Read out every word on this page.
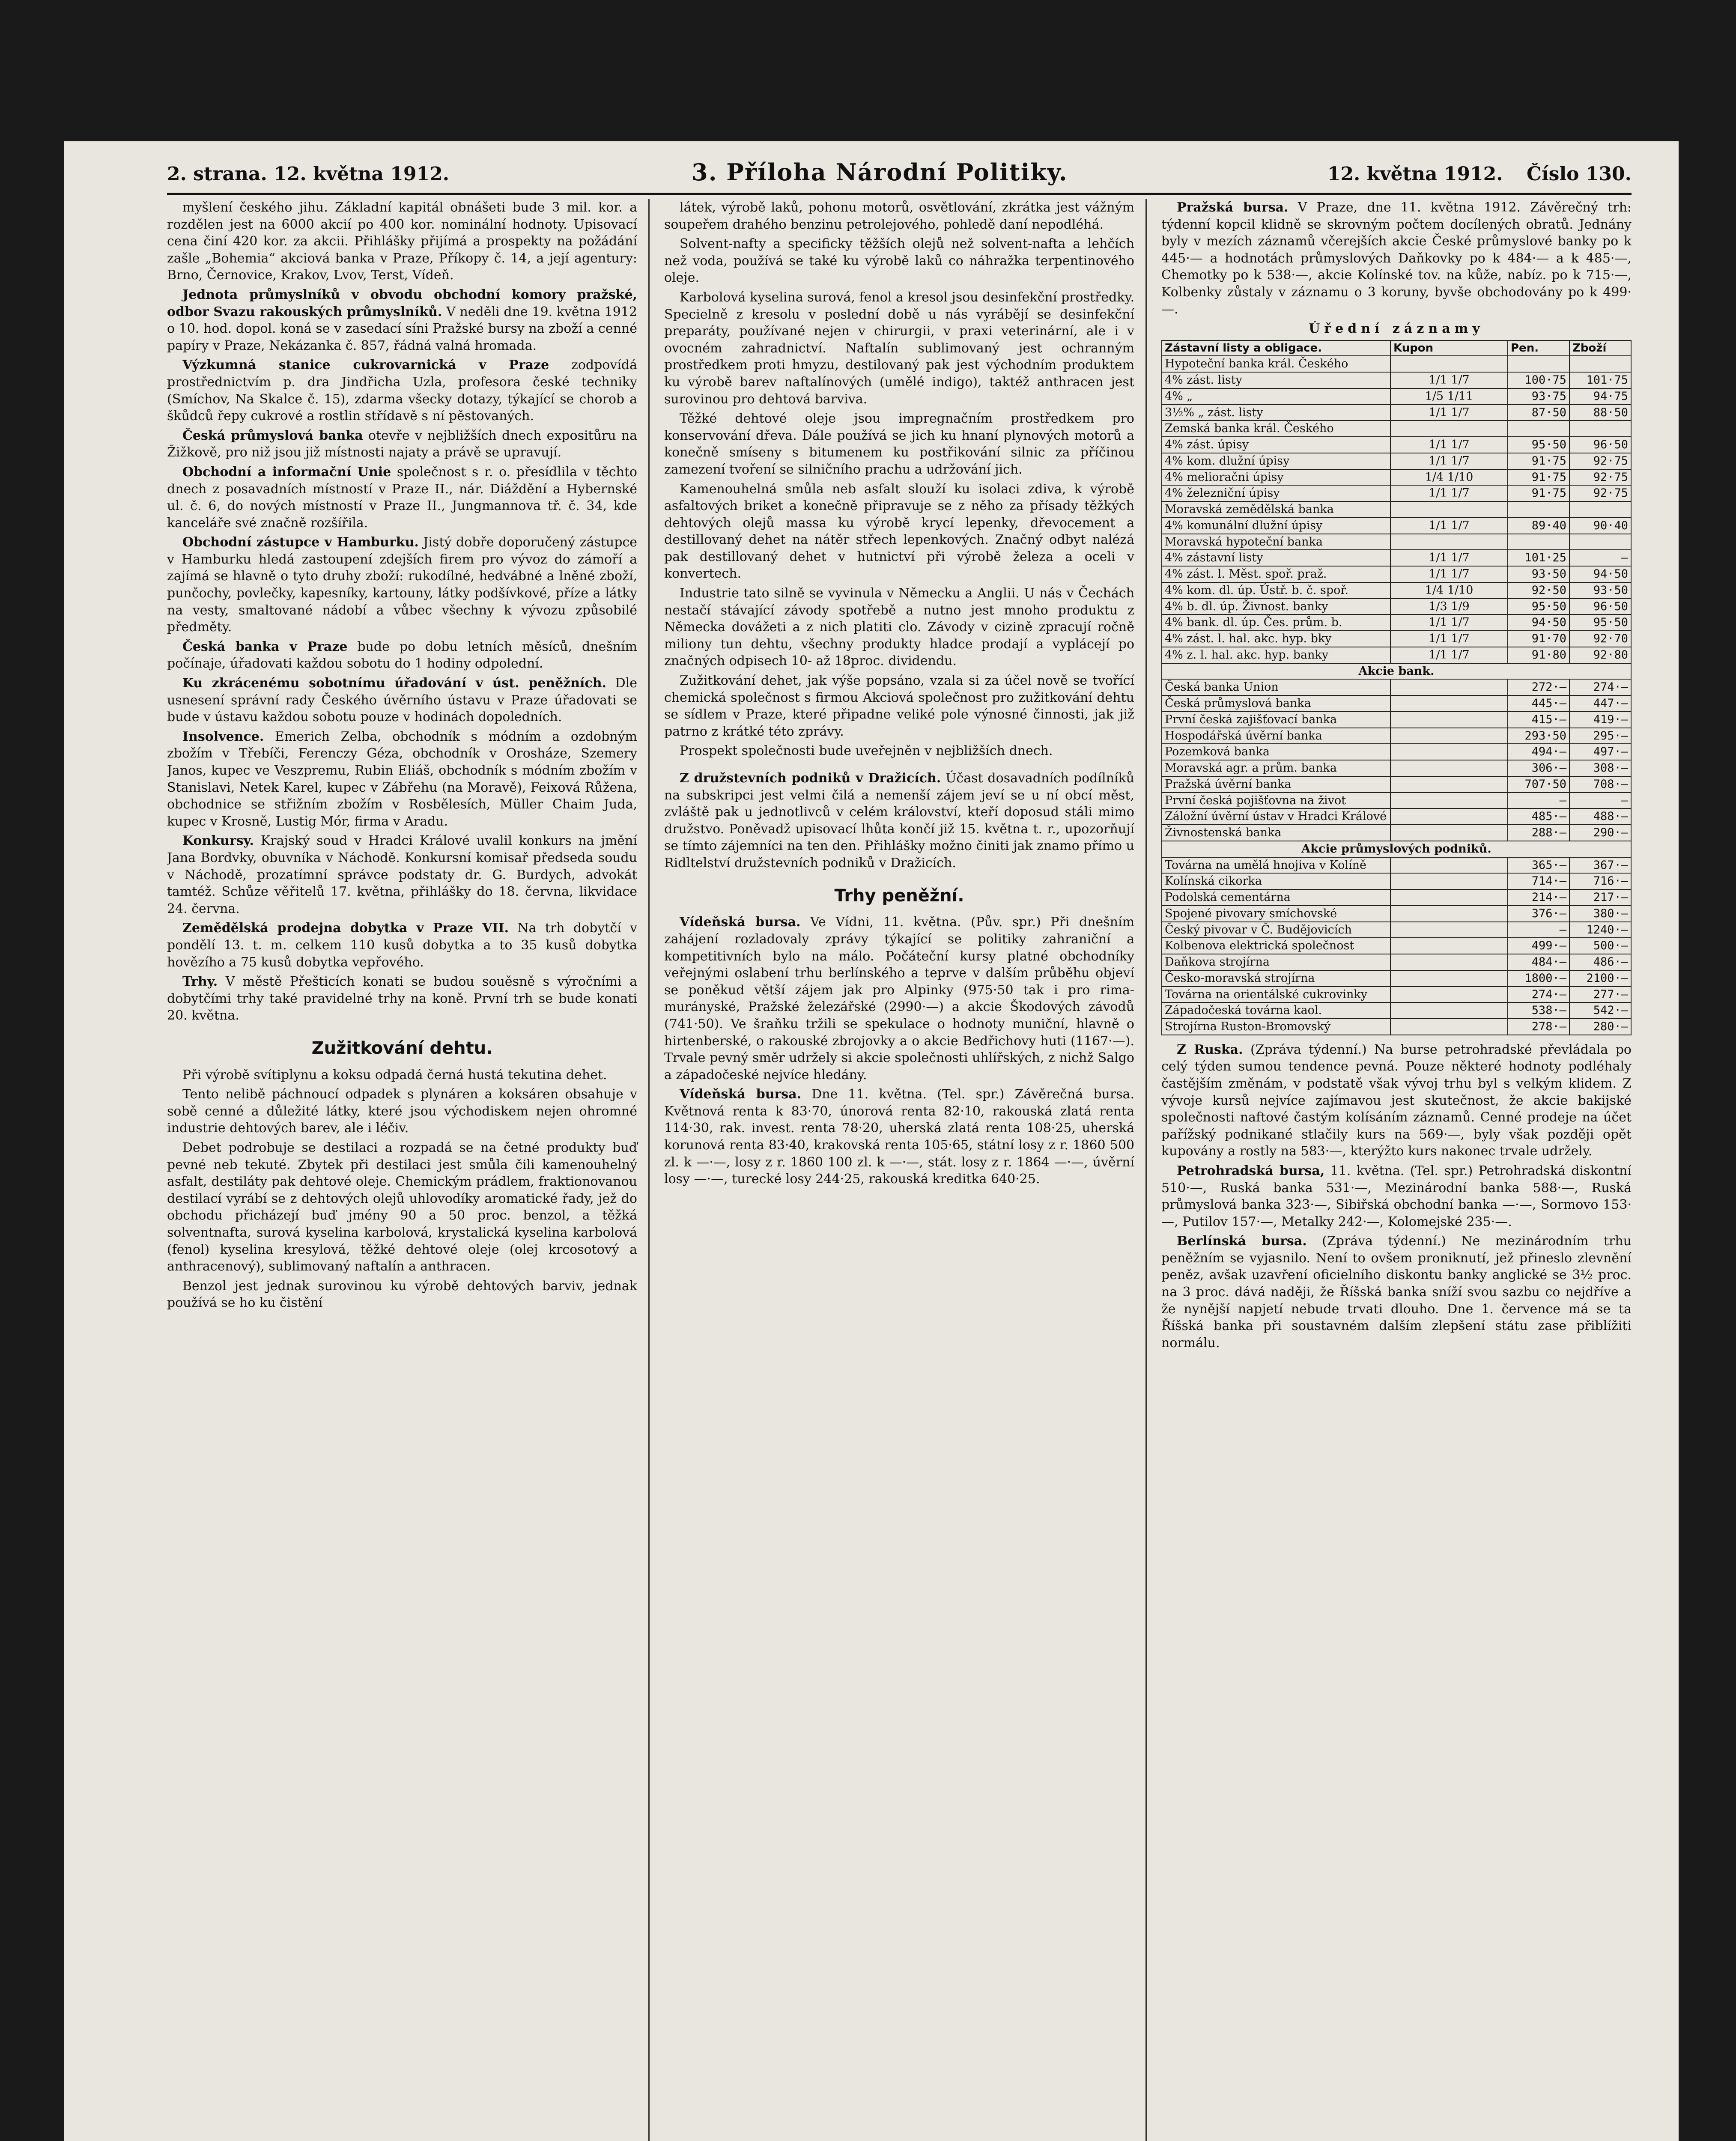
2. strana. 12. května 1912.	3. Příloha Národní Politiky.	12. května 1912. Číslo 130.

myšlení českého jihu. Základní kapitál obnášeti bude 3 mil. kor. a rozdělen jest na 6000 akcií po 400 kor. nominální hodnoty. Upisovací cena činí 420 kor. za akcii. Přihlášky přijímá a prospekty na požádání zašle „Bohemia“ akciová banka v Praze, Příkopy č. 14, a její agentury: Brno, Černovice, Krakov, Lvov, Terst, Vídeň.

Jednota průmyslníků v obvodu obchodní komory pražské, odbor Svazu rakouských průmyslníků. V neděli dne 19. května 1912 o 10. hod. dopol. koná se v zasedací síni Pražské bursy na zboží a cenné papíry v Praze, Nekázanka č. 857, řádná valná hromada.

Výzkumná stanice cukrovarnická v Praze zodpovídá prostřednictvím p. dra Jindřicha Uzla, profesora české techniky (Smíchov, Na Skalce č. 15), zdarma všecky dotazy, týkající se chorob a škůdců řepy cukrové a rostlin střídavě s ní pěstovaných.

Česká průmyslová banka otevře v nejbližších dnech expositůru na Žižkově, pro niž jsou již místnosti najaty a právě se upravují.

Obchodní a informační Unie společnost s r. o. přesídlila v těchto dnech z posavadních místností v Praze II., nár. Diáždění a Hybernské ul. č. 6, do nových místností v Praze II., Jungmannova tř. č. 34, kde kanceláře své značně rozšířila.

Obchodní zástupce v Hamburku. Jistý dobře doporučený zástupce v Hamburku hledá zastoupení zdejších firem pro vývoz do zámoří a zajímá se hlavně o tyto druhy zboží: rukodílné, hedvábné a lněné zboží, punčochy, povlečky, kapesníky, kartouny, látky podšívkové, příze a látky na vesty, smaltované nádobí a vůbec všechny k vývozu způsobilé předměty.

Česká banka v Praze bude po dobu letních měsíců, dnešním počínaje, úřadovati každou sobotu do 1 hodiny odpolední.

Ku zkrácenému sobotnímu úřadování v úst. peněžních. Dle usnesení správní rady Českého úvěrního ústavu v Praze úřadovati se bude v ústavu každou sobotu pouze v hodinách dopoledních.

Insolvence. Emerich Zelba, obchodník s módním a ozdobným zbožím v Třebíči, Ferenczy Géza, obchodník v Orosháze, Szemery Janos, kupec ve Veszpremu, Rubin Eliáš, obchodník s módním zbožím v Stanislavi, Netek Karel, kupec v Zábřehu (na Moravě), Feixová Růžena, obchodnice se střižním zbožím v Rosbělesích, Müller Chaim Juda, kupec v Krosně, Lustig Mór, firma v Aradu.

Konkursy. Krajský soud v Hradci Králové uvalil konkurs na jmění Jana Bordvky, obuvníka v Náchodě. Konkursní komisař předseda soudu v Náchodě, prozatímní správce podstaty dr. G. Burdych, advokát tamtéž. Schůze věřitelů 17. května, přihlášky do 18. června, likvidace 24. června.

Zemědělská prodejna dobytka v Praze VII. Na trh dobytčí v pondělí 13. t. m. celkem 110 kusů dobytka a to 35 kusů dobytka hovězího a 75 kusů dobytka vepřového.

Trhy. V městě Přešticích konati se budou souěsně s výročními a dobytčími trhy také pravidelné trhy na koně. První trh se bude konati 20. května.

Zužitkování dehtu.

Při výrobě svítiplynu a koksu odpadá černá hustá tekutina dehet.

Tento nelibě páchnoucí odpadek s plynáren a koksáren obsahuje v sobě cenné a důležité látky, které jsou východiskem nejen ohromné industrie dehtových barev, ale i léčiv.

Debet podrobuje se destilaci a rozpadá se na četné produkty buď pevné neb tekuté. Zbytek při destilaci jest smůla čili kamenouhelný asfalt, destiláty pak dehtové oleje. Chemickým prádlem, fraktionovanou destilací vyrábí se z dehtových olejů uhlovodíky aromatické řady, jež do obchodu přicházejí buď jmény 90 a 50 proc. benzol, a těžká solventnafta, surová kyselina karbolová, krystalická kyselina karbolová (fenol) kyselina kresylová, těžké dehtové oleje (olej krcosotový a anthracenový), sublimovaný naftalín a anthracen.

Benzol jest jednak surovinou ku výrobě dehtových barviv, jednak používá se ho ku čistění

látek, výrobě laků, pohonu motorů, osvětlování, zkrátka jest vážným soupeřem drahého benzinu petrolejového, pohledě daní nepodléhá.

Solvent-nafty a specificky těžších olejů než solvent-nafta a lehčích než voda, používá se také ku výrobě laků co náhražka terpentinového oleje.

Karbolová kyselina surová, fenol a kresol jsou desinfekční prostředky. Specielně z kresolu v poslední době u nás vyrábějí se desinfekční preparáty, používané nejen v chirurgii, v praxi veterinární, ale i v ovocném zahradnictví. Naftalín sublimovaný jest ochranným prostředkem proti hmyzu, destilovaný pak jest východním produktem ku výrobě barev naftalínových (umělé indigo), taktéž anthracen jest surovinou pro dehtová barviva.

Těžké dehtové oleje jsou impregnačním prostředkem pro konservování dřeva. Dále používá se jich ku hnaní plynových motorů a konečně smíseny s bitumenem ku postřikování silnic za příčinou zamezení tvoření se silničního prachu a udržování jich.

Kamenouhelná smůla neb asfalt slouží ku isolaci zdiva, k výrobě asfaltových briket a konečně připravuje se z něho za přísady těžkých dehtových olejů massa ku výrobě krycí lepenky, dřevocement a destillovaný dehet na nátěr střech lepenkových. Značný odbyt nalézá pak destillovaný dehet v hutnictví při výrobě železa a oceli v konvertech.

Industrie tato silně se vyvinula v Německu a Anglii. U nás v Čechách nestačí stávající závody spotřebě a nutno jest mnoho produktu z Německa dovážeti a z nich platiti clo. Závody v cizině zpracují ročně miliony tun dehtu, všechny produkty hladce prodají a vyplácejí po značných odpisech 10- až 18proc. dividendu.

Zužitkování dehet, jak výše popsáno, vzala si za účel nově se tvořící chemická společnost s firmou Akciová společnost pro zužitkování dehtu se sídlem v Praze, které připadne veliké pole výnosné činnosti, jak již patrno z krátké této zprávy.

Prospekt společnosti bude uveřejněn v nejbližších dnech.

Z družstevních podniků v Dražicích. Účast dosavadních podílníků na subskripci jest velmi čilá a nemenší zájem jeví se u ní obcí měst, zvláště pak u jednotlivců v celém království, kteří doposud stáli mimo družstvo. Poněvadž upisovací lhůta končí již 15. května t. r., upozorňují se tímto zájemníci na ten den. Přihlášky možno činiti jak znamo přímo u Ridltelství družstevních podniků v Dražicích.

Trhy peněžní.

Vídeňská bursa. Ve Vídni, 11. května. (Pův. spr.) Při dnešním zahájení rozladovaly zprávy týkající se politiky zahraniční a kompetitivních bylo na málo. Počáteční kursy platné obchodníky veřejnými oslabení trhu berlínského a teprve v dalším průběhu objeví se poněkud větší zájem jak pro Alpinky (975·50 tak i pro rima-murányské, Pražské železářské (2990·—) a akcie Škodových závodů (741·50). Ve šraňku tržili se spekulace o hodnoty muniční, hlavně o hirtenberské, o rakouské zbrojovky a o akcie Bedřichovy huti (1167·—). Trvale pevný směr udržely si akcie společnosti uhlířských, z nichž Salgo a západočeské nejvíce hledány.

Vídeňská bursa. Dne 11. května. (Tel. spr.) Závěrečná bursa. Květnová renta k 83·70, únorová renta 82·10, rakouská zlatá renta 114·30, rak. invest. renta 78·20, uherská zlatá renta 108·25, uherská korunová renta 83·40, krakovská renta 105·65, státní losy z r. 1860 500 zl. k —·—, losy z r. 1860 100 zl. k —·—, stát. losy z r. 1864 —·—, úvěrní losy —·—, turecké losy 244·25, rakouská kreditka 640·25.

Pražská bursa. V Praze, dne 11. května 1912. Závěrečný trh: týdenní kopcil klidně se skrovným počtem docílených obratů. Jednány byly v mezích záznamů včerejších akcie České průmyslové banky po k 445·— a hodnotách průmyslových Daňkovky po k 484·— a k 485·—, Chemotky po k 538·—, akcie Kolínské tov. na kůže, nabíz. po k 715·—, Kolbenky zůstaly v záznamu o 3 koruny, byvše obchodovány po k 499·—.

Úřední záznamy
Zástavní listy a obligace.	Kupon	Pen.	Zboží
Hypoteční banka král. Českého			
4% zást. listy	1/1 1/7	100·75	101·75
4% „	1/5 1/11	93·75	94·75
3½% „ zást. listy	1/1 1/7	87·50	88·50
Zemská banka král. Českého			
4% zást. úpisy	1/1 1/7	95·50	96·50
4% kom. dlužní úpisy	1/1 1/7	91·75	92·75
4% melioračni úpisy	1/4 1/10	91·75	92·75
4% železniční úpisy	1/1 1/7	91·75	92·75
Moravská zemědělská banka			
4% komunální dlužní úpisy	1/1 1/7	89·40	90·40
Moravská hypoteční banka			
4% zástavní listy	1/1 1/7	101·25	—
4% zást. l. Měst. spoř. praž.	1/1 1/7	93·50	94·50
4% kom. dl. úp. Ústř. b. č. spoř.	1/4 1/10	92·50	93·50
4% b. dl. úp. Živnost. banky	1/3 1/9	95·50	96·50
4% bank. dl. úp. Čes. prům. b.	1/1 1/7	94·50	95·50
4% zást. l. hal. akc. hyp. bky	1/1 1/7	91·70	92·70
4% z. l. hal. akc. hyp. banky	1/1 1/7	91·80	92·80
Akcie bank.			
Česká banka Union		272·—	274·—
Česká průmyslová banka		445·—	447·—
První česká zajišťovací banka		415·—	419·—
Hospodářská úvěrní banka		293·50	295·—
Pozemková banka		494·—	497·—
Moravská agr. a prům. banka		306·—	308·—
Pražská úvěrní banka		707·50	708·—
První česká pojišťovna na život		—	—
Záložní úvěrní ústav v Hradci Králové		485·—	488·—
Živnostenská banka		288·—	290·—
Akcie průmyslových podniků.			
Továrna na umělá hnojiva v Kolíně		365·—	367·—
Kolínská cikorka		714·—	716·—
Podolská cementárna		214·—	217·—
Spojené pivovary smíchovské		376·—	380·—
Český pivovar v Č. Budějovicích		—	1240·—
Kolbenova elektrická společnost		499·—	500·—
Daňkova strojírna		484·—	486·—
Česko-moravská strojírna		1800·—	2100·—
Továrna na orientálské cukrovinky		274·—	277·—
Západočeská továrna kaol.		538·—	542·—
Strojírna Ruston-Bromovský		278·—	280·—

Z Ruska. (Zpráva týdenní.) Na burse petrohradské převládala po celý týden sumou tendence pevná. Pouze některé hodnoty podléhaly častějším změnám, v podstatě však vývoj trhu byl s velkým klidem. Z vývoje kursů nejvíce zajímavou jest skutečnost, že akcie bakijské společnosti naftové častým kolísáním záznamů. Cenné prodeje na účet pařížský podnikané stlačily kurs na 569·—, byly však později opět kupovány a rostly na 583·—, kterýžto kurs nakonec trvale udržely.

Petrohradská bursa, 11. května. (Tel. spr.) Petrohradská diskontní 510·—, Ruská banka 531·—, Mezinárodní banka 588·—, Ruská průmyslová banka 323·—, Sibiřská obchodní banka —·—, Sormovo 153·—, Putilov 157·—, Metalky 242·—, Kolomejské 235·—.

Berlínská bursa. (Zpráva týdenní.) Ne mezinárodním trhu peněžním se vyjasnilo. Není to ovšem proniknutí, jež přineslo zlevnění peněz, avšak uzavření oficielního diskontu banky anglické se 3½ proc. na 3 proc. dává naději, že Říšská banka sníží svou sazbu co nejdříve a že nynější napjetí nebude trvati dlouho. Dne 1. července má se ta Říšská banka při soustavném dalším zlepšení státu zase přiblížiti normálu.
